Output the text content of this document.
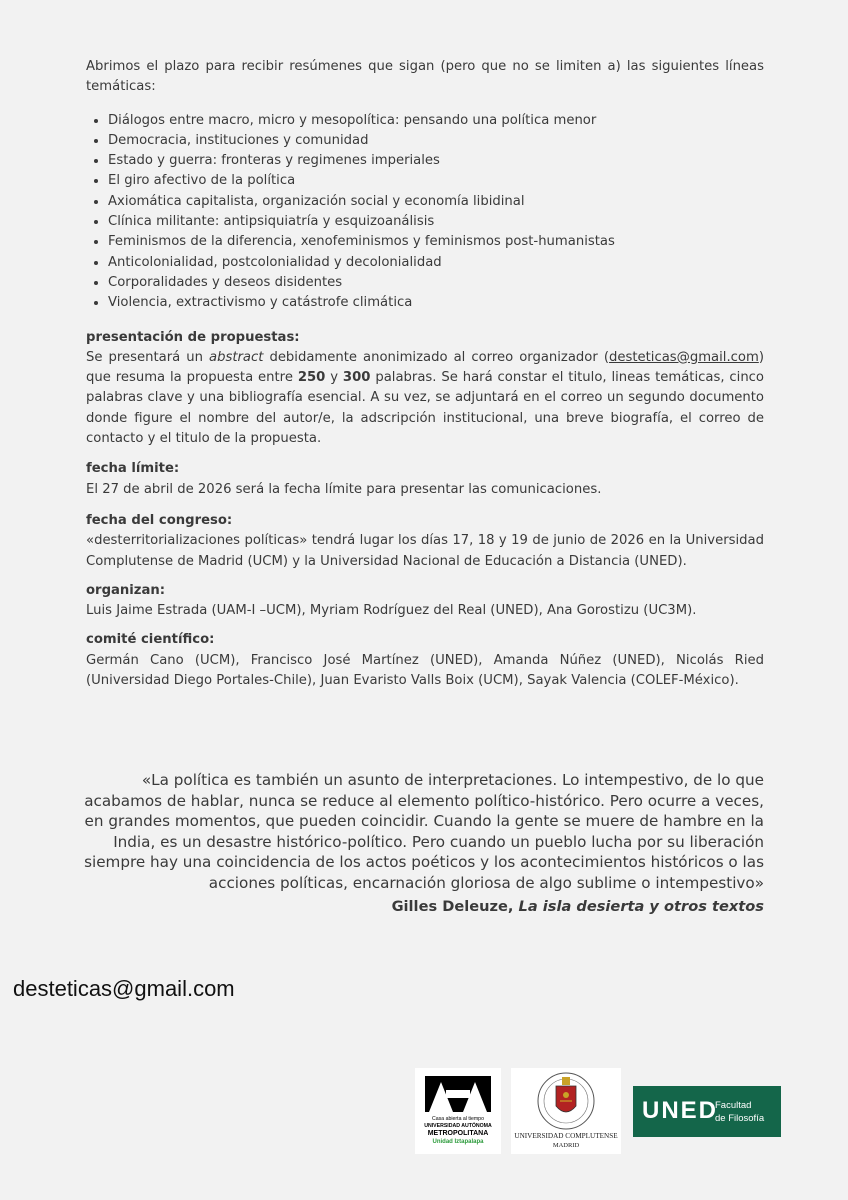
Abrimos el plazo para recibir resúmenes que sigan (pero que no se limiten a) las siguientes líneas temáticas:

• Diálogos entre macro, micro y mesopolítica: pensando una política menor
• Democracia, instituciones y comunidad
• Estado y guerra: fronteras y regimenes imperiales
• El giro afectivo de la política
• Axiomática capitalista, organización social y economía libidinal
• Clínica militante: antipsiquiatría y esquizoanálisis
• Feminismos de la diferencia, xenofeminismos y feminismos post-humanistas
• Anticolonialidad, postcolonialidad y decolonialidad
• Corporalidades y deseos disidentes
• Violencia, extractivismo y catástrofe climática
presentación de propuestas:

Se presentará un abstract debidamente anonimizado al correo organizador (desteticas@gmail.com) que resuma la propuesta entre 250 y 300 palabras. Se hará constar el titulo, lineas temáticas, cinco palabras clave y una bibliografía esencial. A su vez, se adjuntará en el correo un segundo documento donde figure el nombre del autor/e, la adscripción institucional, una breve biografía, el correo de contacto y el titulo de la propuesta.

fecha límite:

El 27 de abril de 2026 será la fecha límite para presentar las comunicaciones.

fecha del congreso:

«desterritorializaciones políticas» tendrá lugar los días 17, 18 y 19 de junio de 2026 en la Universidad Complutense de Madrid (UCM) y la Universidad Nacional de Educación a Distancia (UNED).

organizan:

Luis Jaime Estrada (UAM-I –UCM), Myriam Rodríguez del Real (UNED), Ana Gorostizu (UC3M).

comité científico:

Germán Cano (UCM), Francisco José Martínez (UNED), Amanda Núñez (UNED), Nicolás Ried (Universidad Diego Portales-Chile), Juan Evaristo Valls Boix (UCM), Sayak Valencia (COLEF-México).

«La política es también un asunto de interpretaciones. Lo intempestivo, de lo que acabamos de hablar, nunca se reduce al elemento político-histórico. Pero ocurre a veces, en grandes momentos, que pueden coincidir. Cuando la gente se muere de hambre en la India, es un desastre histórico-político. Pero cuando un pueblo lucha por su liberación siempre hay una coincidencia de los actos poéticos y los acontecimientos históricos o las acciones políticas, encarnación gloriosa de algo sublime o intempestivo»

Gilles Deleuze, La isla desierta y otros textos
desteticas@gmail.com
Casa abierta al tiempo
UNIVERSIDAD AUTÓNOMA
METROPOLITANA
Unidad Iztapalapa
UNIVERSIDAD COMPLUTENSE
MADRID
UNED
Facultad
de Filosofía
